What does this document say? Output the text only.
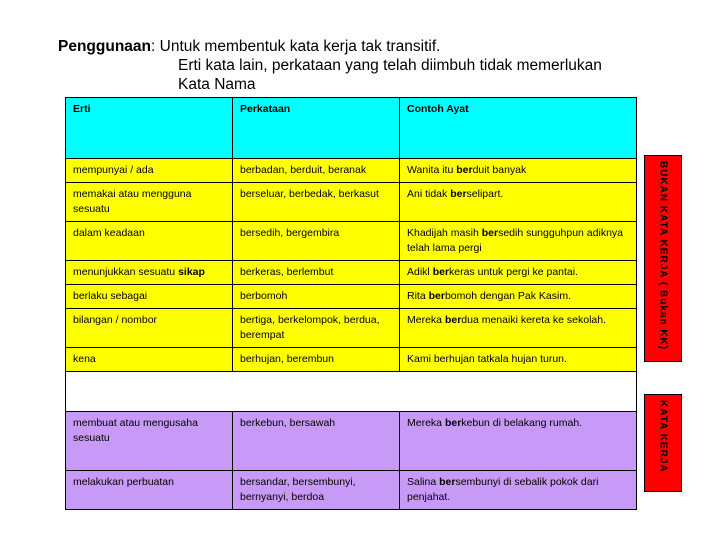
Penggunaan: Untuk membentuk kata kerja tak transitif.
Erti kata lain, perkataan yang telah diimbuh tidak memerlukan
Kata Nama
Erti	Perkataan	Contoh Ayat
mempunyai / ada	berbadan, berduit, beranak	Wanita itu berduit banyak
memakai atau mengguna sesuatu	berseluar, berbedak, berkasut	Ani tidak berselipart.
dalam keadaan	bersedih, bergembira	Khadijah masih bersedih sungguhpun adiknya telah lama pergi
menunjukkan sesuatu sikap	berkeras, berlembut	Adikl berkeras untuk pergi ke pantai.
berlaku sebagai	berbomoh	Rita berbomoh dengan Pak Kasim.
bilangan / nombor	bertiga, berkelompok, berdua, berempat	Mereka berdua menaiki kereta ke sekolah.
kena	berhujan, berembun	Kami berhujan tatkala hujan turun.

membuat atau mengusaha sesuatu	berkebun, bersawah	Mereka berkebun di belakang rumah.
melakukan perbuatan	bersandar, bersembunyi, bernyanyi, berdoa	Salina bersembunyi di sebalik pokok dari penjahat.
BUKAN KATA KERJA ( Bukan KK)
KATA KERJA
